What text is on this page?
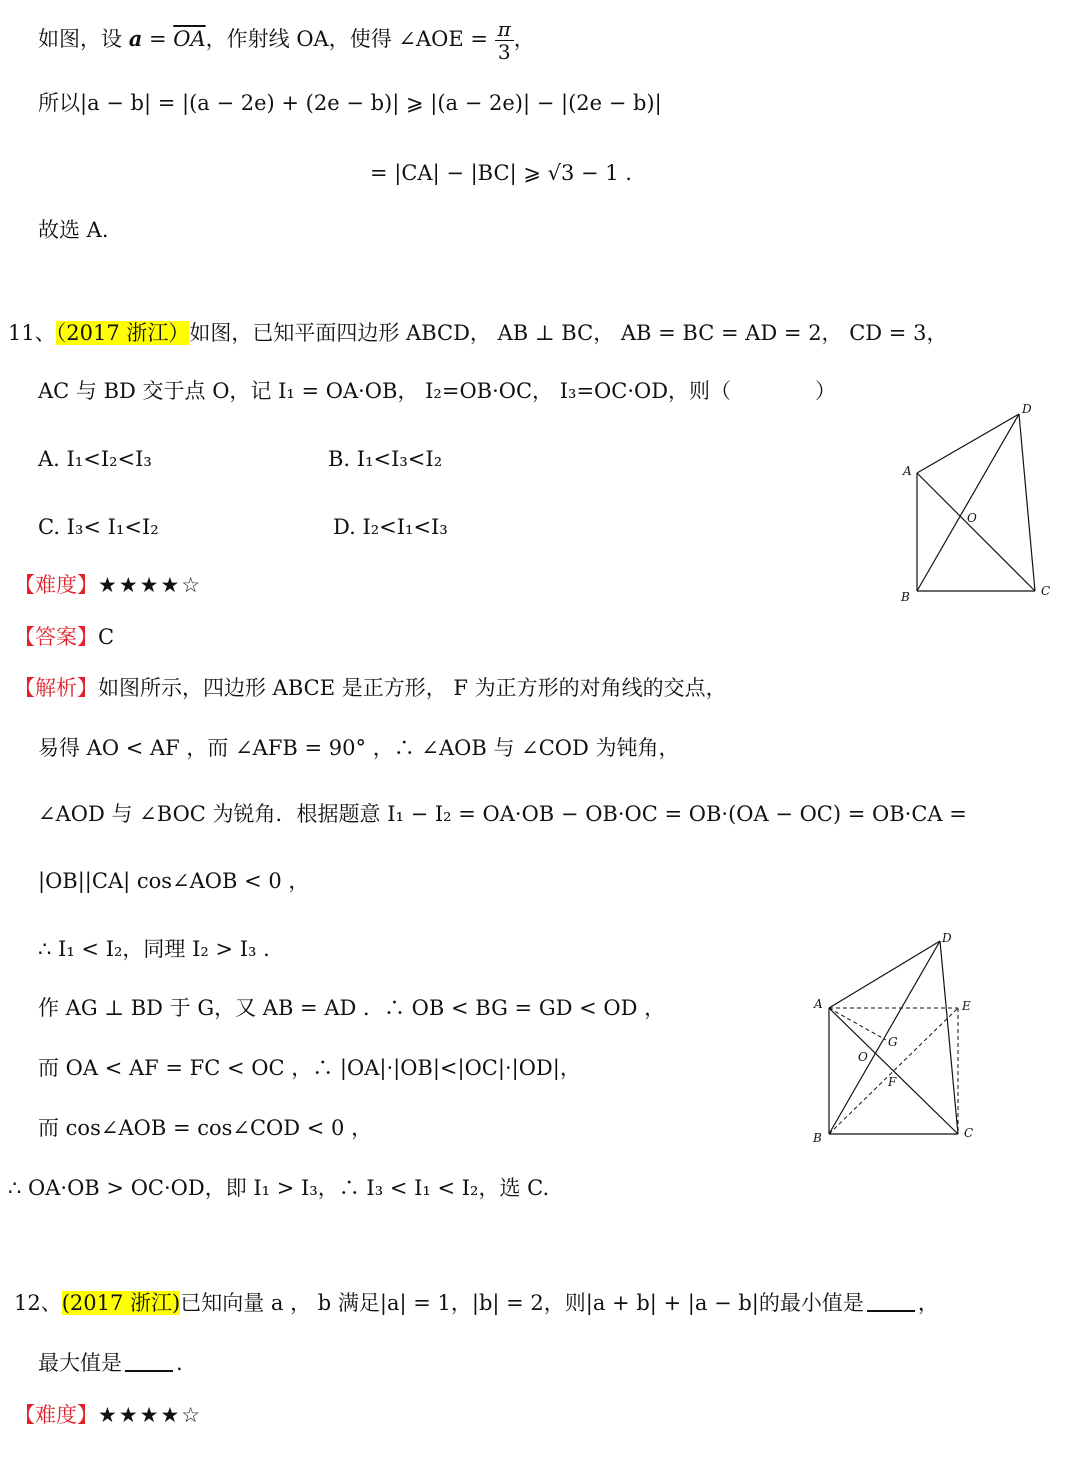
如图，设 $a = \overline{OA}$，作射线 OA，使得 ∠AOE = $\frac{\pi}{3}$ ，
所以|a − b| = |(a − 2e) + (2e − b)| ⩾ |(a − 2e)| − |(2e − b)|
= |CA| − |BC| ⩾ √3 − 1 .
故选 A.
11、（2017 浙江）如图，已知平面四边形 ABCD， AB ⊥ BC， AB = BC = AD = 2， CD = 3，
AC 与 BD 交于点 O，记 I₁ = OA·OB， I₂=OB·OC， I₃=OC·OD，则（　　　　）
A. I₁<I₂<I₃	B. I₁<I₃<I₂
C. I₃< I₁<I₂	D. I₂<I₁<I₃
【难度】★★★★☆
【答案】C
【解析】如图所示，四边形 ABCE 是正方形， F 为正方形的对角线的交点，
易得 AO < AF ，而 ∠AFB = 90° ，∴ ∠AOB 与 ∠COD 为钝角，
∠AOD 与 ∠BOC 为锐角．根据题意 I₁ − I₂ = OA·OB − OB·OC = OB·(OA − OC) = OB·CA =
|OB||CA| cos∠AOB < 0 ，
∴ I₁ < I₂，同理 I₂ > I₃ .
作 AG ⊥ BD 于 G，又 AB = AD ．∴ OB < BG = GD < OD ，
而 OA < AF = FC < OC ，∴ |OA|·|OB|<|OC|·|OD|，
而 cos∠AOB = cos∠COD < 0 ，
∴ OA·OB > OC·OD，即 I₁ > I₃，∴ I₃ < I₁ < I₂，选 C.
A
B	C
D
O
A
B	C
D
E
G
O
F
12、(2017 浙江)已知向量 a ， b 满足|a| = 1，|b| = 2，则|a + b| + |a − b|的最小值是	，
最大值是	.
【难度】★★★★☆
